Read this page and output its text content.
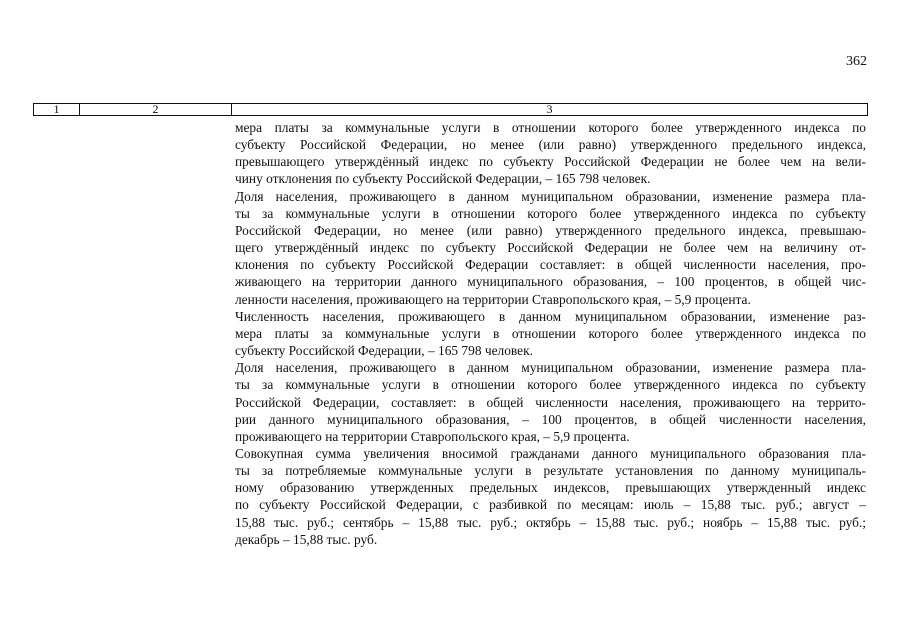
362
1	2	3
мера платы за коммунальные услуги в отношении которого более утвержденного индекса по
субъекту Российской Федерации, но менее (или равно) утвержденного предельного индекса,
превышающего утверждённый индекс по субъекту Российской Федерации не более чем на вели-
чину отклонения по субъекту Российской Федерации, – 165 798 человек.
Доля населения, проживающего в данном муниципальном образовании, изменение размера пла-
ты за коммунальные услуги в отношении которого более утвержденного индекса по субъекту
Российской Федерации, но менее (или равно) утвержденного предельного индекса, превышаю-
щего утверждённый индекс по субъекту Российской Федерации не более чем на величину от-
клонения по субъекту Российской Федерации составляет: в общей численности населения, про-
живающего на территории данного муниципального образования, – 100 процентов, в общей чис-
ленности населения, проживающего на территории Ставропольского края, – 5,9 процента.
Численность населения, проживающего в данном муниципальном образовании, изменение раз-
мера платы за коммунальные услуги в отношении которого более утвержденного индекса по
субъекту Российской Федерации, – 165 798 человек.
Доля населения, проживающего в данном муниципальном образовании, изменение размера пла-
ты за коммунальные услуги в отношении которого более утвержденного индекса по субъекту
Российской Федерации, составляет: в общей численности населения, проживающего на террито-
рии данного муниципального образования, – 100 процентов, в общей численности населения,
проживающего на территории Ставропольского края, – 5,9 процента.
Совокупная сумма увеличения вносимой гражданами данного муниципального образования пла-
ты за потребляемые коммунальные услуги в результате установления по данному муниципаль-
ному образованию утвержденных предельных индексов, превышающих утвержденный индекс
по субъекту Российской Федерации, с разбивкой по месяцам: июль – 15,88 тыс. руб.; август –
15,88 тыс. руб.; сентябрь – 15,88 тыс. руб.; октябрь – 15,88 тыс. руб.; ноябрь – 15,88 тыс. руб.;
декабрь – 15,88 тыс. руб.
